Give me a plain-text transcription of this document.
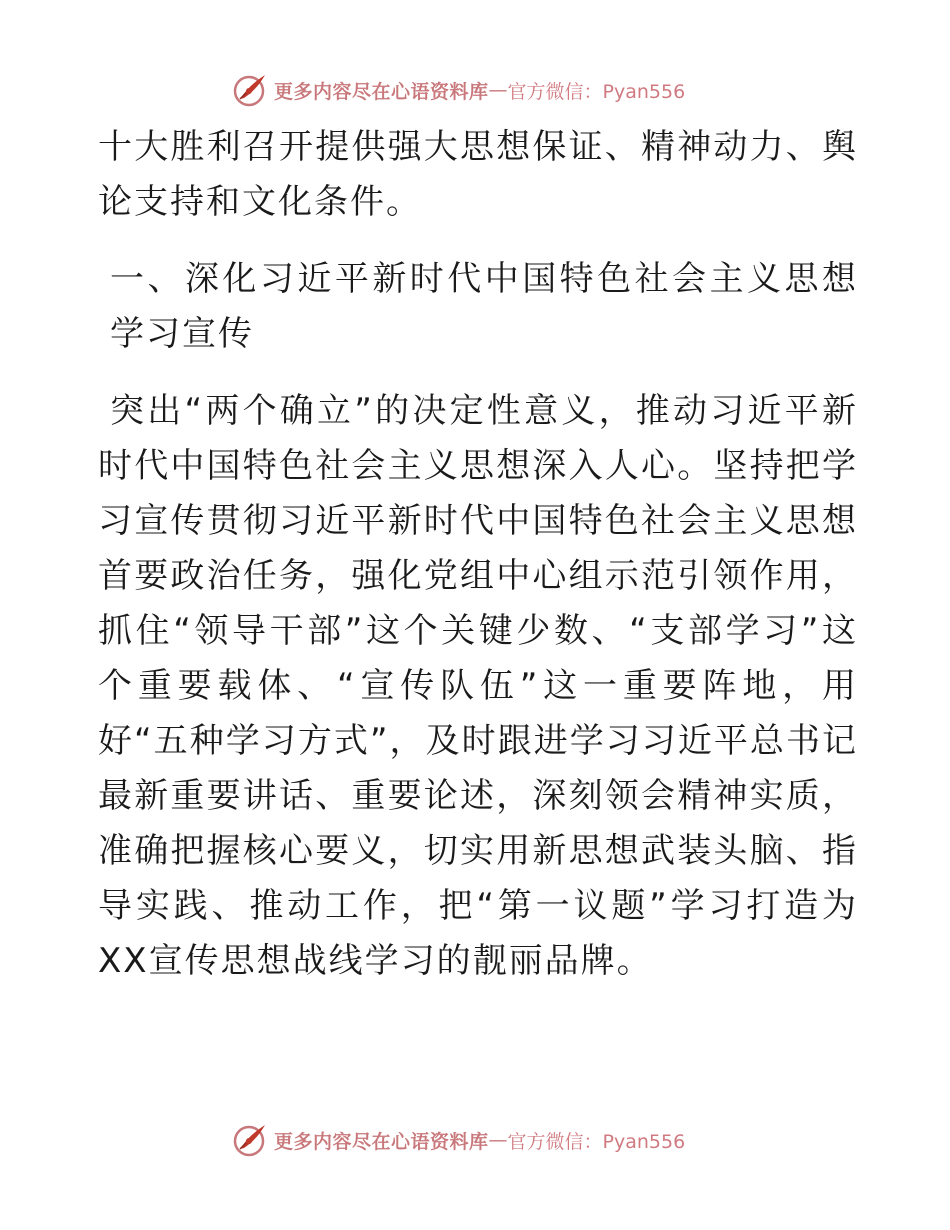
更多内容尽在心语资料库 — 官方微信：Pyan556

十大胜利召开提供强大思想保证、精神动力、舆论支持和文化条件。

一、深化习近平新时代中国特色社会主义思想学习宣传

突出“两个确立”的决定性意义，推动习近平新时代中国特色社会主义思想深入人心。坚持把学习宣传贯彻习近平新时代中国特色社会主义思想首要政治任务，强化党组中心组示范引领作用，抓住“领导干部”这个关键少数、“支部学习”这个重要载体、“宣传队伍”这一重要阵地，用好“五种学习方式”，及时跟进学习习近平总书记最新重要讲话、重要论述，深刻领会精神实质，准确把握核心要义，切实用新思想武装头脑、指导实践、推动工作，把“第一议题”学习打造为XX宣传思想战线学习的靓丽品牌。

更多内容尽在心语资料库 — 官方微信：Pyan556
